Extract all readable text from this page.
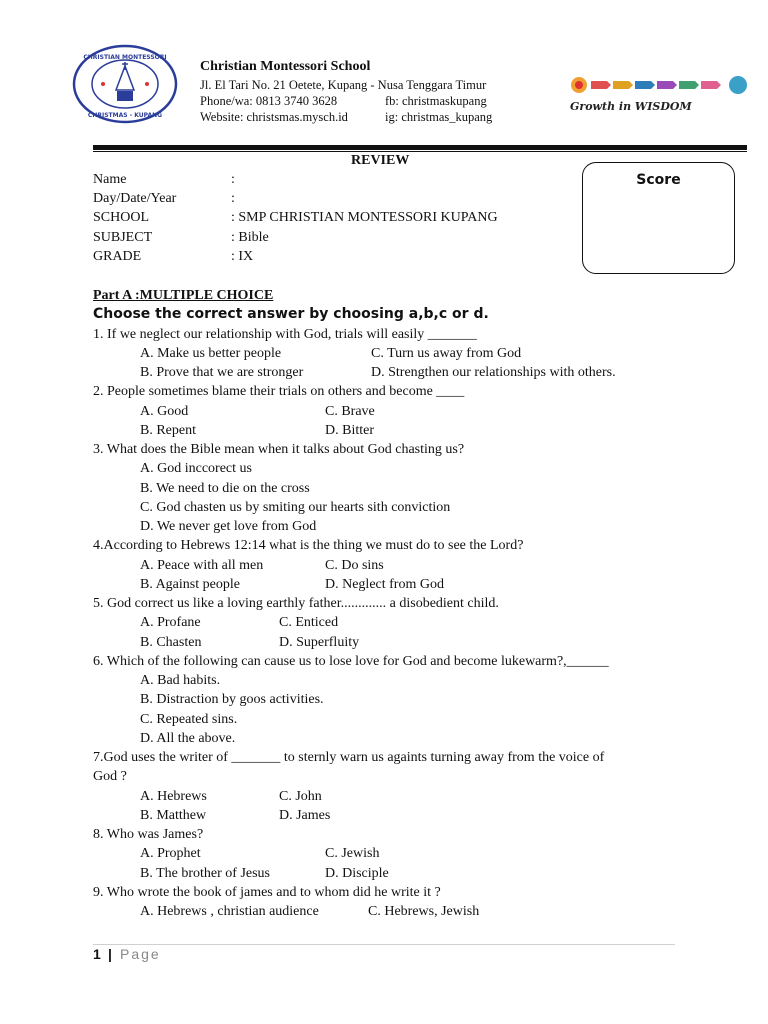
CHRISTIAN MONTESSORI
CHRISTMAS - KUPANG
Christian Montessori School
Jl. El Tari No. 21 Oetete, Kupang - Nusa Tenggara Timur
Phone/wa: 0813 3740 3628	fb: christmaskupang
Website: christsmas.mysch.id	ig: christmas_kupang
Growth in WISDOM
REVIEW
Name	:
Day/Date/Year	:
SCHOOL	: SMP CHRISTIAN MONTESSORI KUPANG
SUBJECT	: Bible
GRADE	: IX
Score
Part A :MULTIPLE CHOICE
Choose the correct answer by choosing a,b,c or d.
1. If we neglect our relationship with God, trials will easily _______
A. Make us better people	C. Turn us away from God
B. Prove that we are stronger	D. Strengthen our relationships with others.
2. People sometimes blame their trials on others and become ____
A. Good	C. Brave
B. Repent	D. Bitter
3. What does the Bible mean when it talks about God chasting us?
A. God inccorect us
B. We need to die on the cross
C. God chasten us by smiting our hearts sith conviction
D. We never get love from God
4.According to Hebrews 12:14 what is the thing we must do to see the Lord?
A. Peace with all men	C. Do sins
B. Against people	D. Neglect from God
5. God correct us like a loving earthly father............. a disobedient child.
A. Profane	C. Enticed
B. Chasten	D. Superfluity
6. Which of the following can cause us to lose love for God and become lukewarm?,______
A. Bad habits.
B. Distraction by goos activities.
C. Repeated sins.
D. All the above.
7.God uses the writer of _______ to sternly warn us againts turning away from the voice of
God ?
A. Hebrews	C. John
B. Matthew	D. James
8. Who was James?
A. Prophet	C. Jewish
B. The brother of Jesus	D. Disciple
9. Who wrote the book of james and to whom did he write it ?
A. Hebrews , christian audience	C. Hebrews, Jewish
1 | Page
